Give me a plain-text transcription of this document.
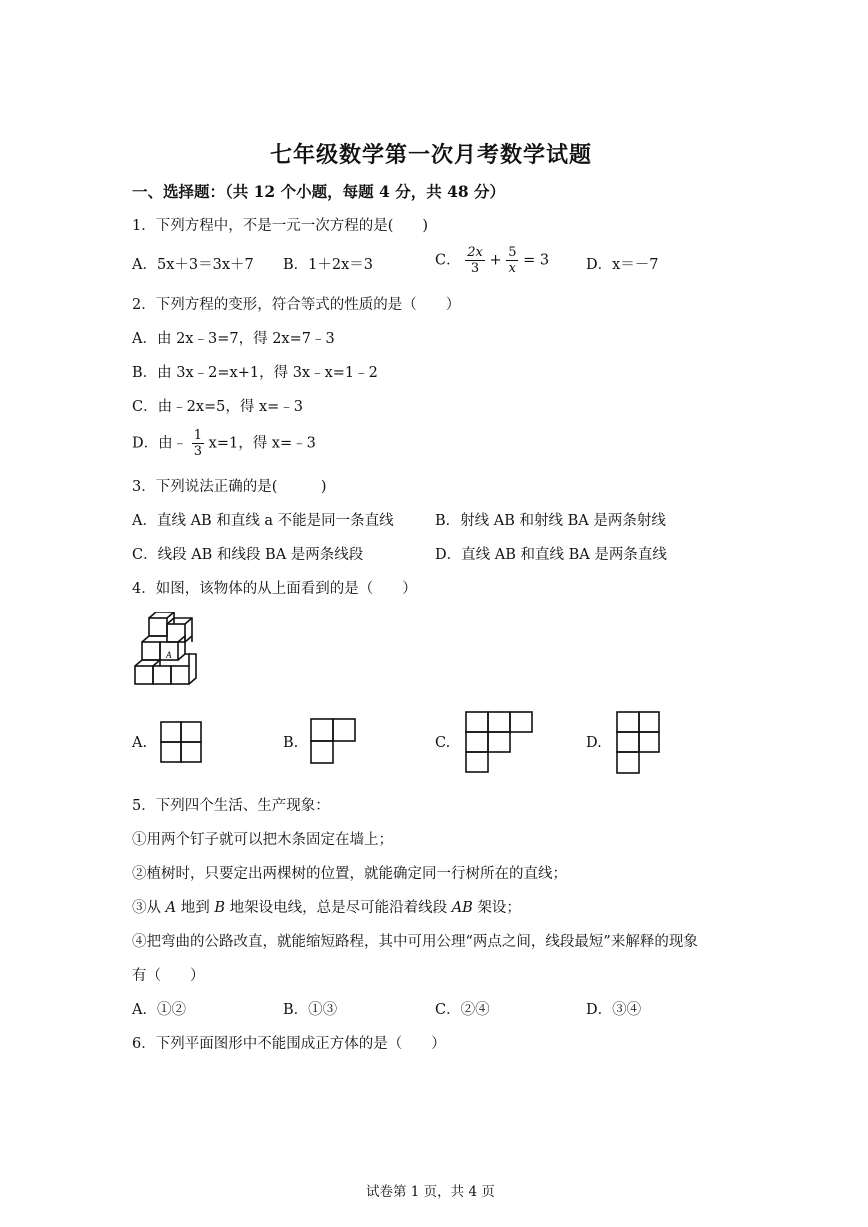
七年级数学第一次月考数学试题
一、选择题：（共 12 个小题，每题 4 分，共 48 分）
1．下列方程中，不是一元一次方程的是(　　)
A．5x＋3＝3x＋7 B．1＋2x＝3	C． $\frac{2x}{3} + \frac{5}{x} = 3$	D．x＝－7
2．下列方程的变形，符合等式的性质的是（　　）
A．由 2x﹣3=7，得 2x=7﹣3
B．由 3x﹣2=x+1，得 3x﹣x=1﹣2
C．由﹣2x=5，得 x=﹣3
D．由﹣ $\frac{1}{3} x=1$，得 x=﹣3
3．下列说法正确的是(　　　)
A．直线 AB 和直线 a 不能是同一条直线	B．射线 AB 和射线 BA 是两条射线
C．线段 AB 和线段 BA 是两条线段	D．直线 AB 和直线 BA 是两条直线
4．如图，该物体的从上面看到的是（　　）
A
A.	B.	C.	D.
5．下列四个生活、生产现象：
①用两个钉子就可以把木条固定在墙上；
②植树时，只要定出两棵树的位置，就能确定同一行树所在的直线；
③从 A 地到 B 地架设电线，总是尽可能沿着线段 AB 架设；
④把弯曲的公路改直，就能缩短路程，其中可用公理“两点之间，线段最短”来解释的现象
有（　　）
A．①②	B．①③	C．②④	D．③④
6．下列平面图形中不能围成正方体的是（　　）
试卷第 1 页，共 4 页
